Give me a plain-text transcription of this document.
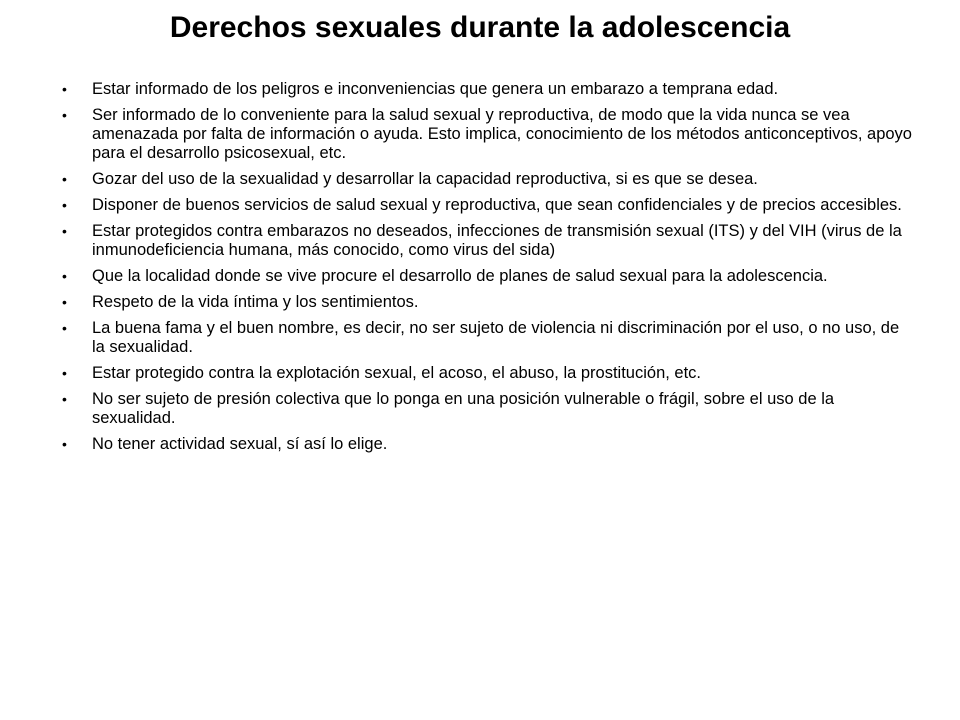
Derechos sexuales durante la adolescencia
•	Estar informado de los peligros e inconveniencias que genera un embarazo a temprana edad.
•	Ser informado de lo conveniente para la salud sexual y reproductiva, de modo que la vida nunca se vea amenazada por falta de información o ayuda. Esto implica, conocimiento de los métodos anticonceptivos, apoyo para el desarrollo psicosexual, etc.
•	Gozar del uso de la sexualidad y desarrollar la capacidad reproductiva, si es que se desea.
•	Disponer de buenos servicios de salud sexual y reproductiva, que sean confidenciales y de precios accesibles.
•	Estar protegidos contra embarazos no deseados, infecciones de transmisión sexual (ITS) y del VIH (virus de la inmunodeficiencia humana, más conocido, como virus del sida)
•	Que la localidad donde se vive procure el desarrollo de planes de salud sexual para la adolescencia.
•	Respeto de la vida íntima y los sentimientos.
•	La buena fama y el buen nombre, es decir, no ser sujeto de violencia ni discriminación por el uso, o no uso, de la sexualidad.
•	Estar protegido contra la explotación sexual, el acoso, el abuso, la prostitución, etc.
•	No ser sujeto de presión colectiva que lo ponga en una posición vulnerable o frágil, sobre el uso de la sexualidad.
•	No tener actividad sexual, sí así lo elige.
